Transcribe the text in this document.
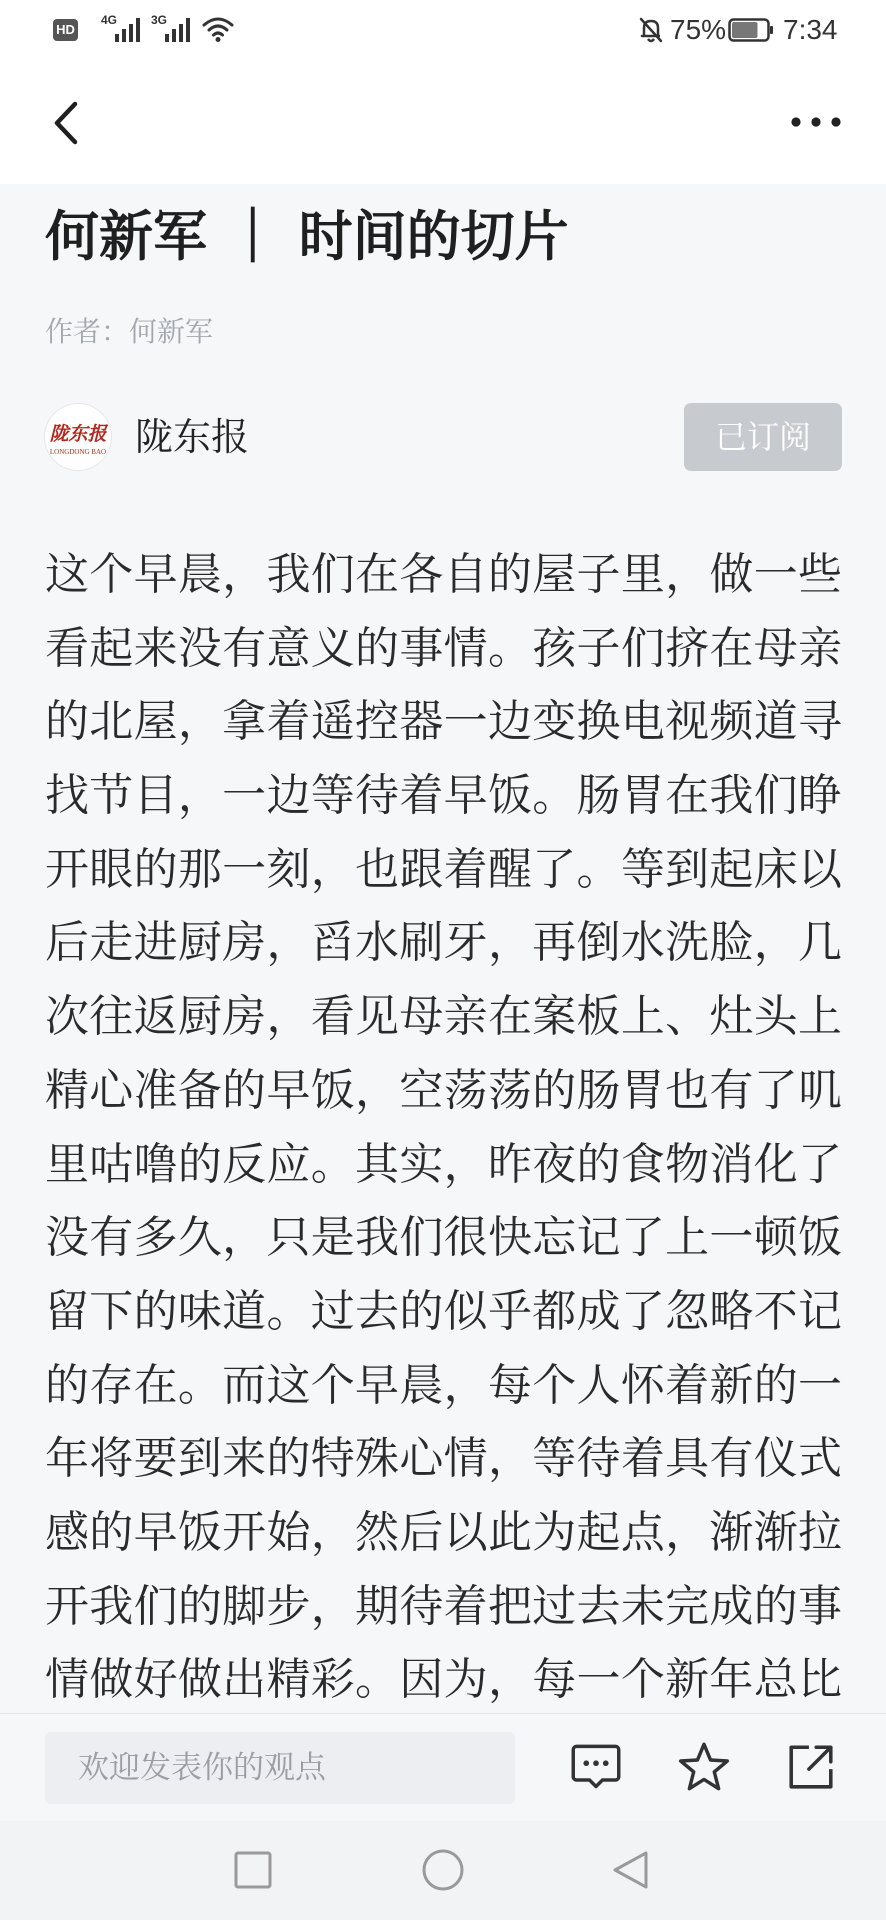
HD
4G	3G	75% 7:34
何新军 ｜ 时间的切片
作者：何新军
陇东报
LONGDONG BAO 陇东报	已订阅
这个早晨，我们在各自的屋子里，做一些
看起来没有意义的事情。孩子们挤在母亲
的北屋，拿着遥控器一边变换电视频道寻
找节目，一边等待着早饭。肠胃在我们睁
开眼的那一刻，也跟着醒了。等到起床以
后走进厨房，舀水刷牙，再倒水洗脸，几
次往返厨房，看见母亲在案板上、灶头上
精心准备的早饭，空荡荡的肠胃也有了叽
里咕噜的反应。其实，昨夜的食物消化了
没有多久，只是我们很快忘记了上一顿饭
留下的味道。过去的似乎都成了忽略不记
的存在。而这个早晨，每个人怀着新的一
年将要到来的特殊心情，等待着具有仪式
感的早饭开始，然后以此为起点，渐渐拉
开我们的脚步，期待着把过去未完成的事
情做好做出精彩。因为，每一个新年总比
欢迎发表你的观点
